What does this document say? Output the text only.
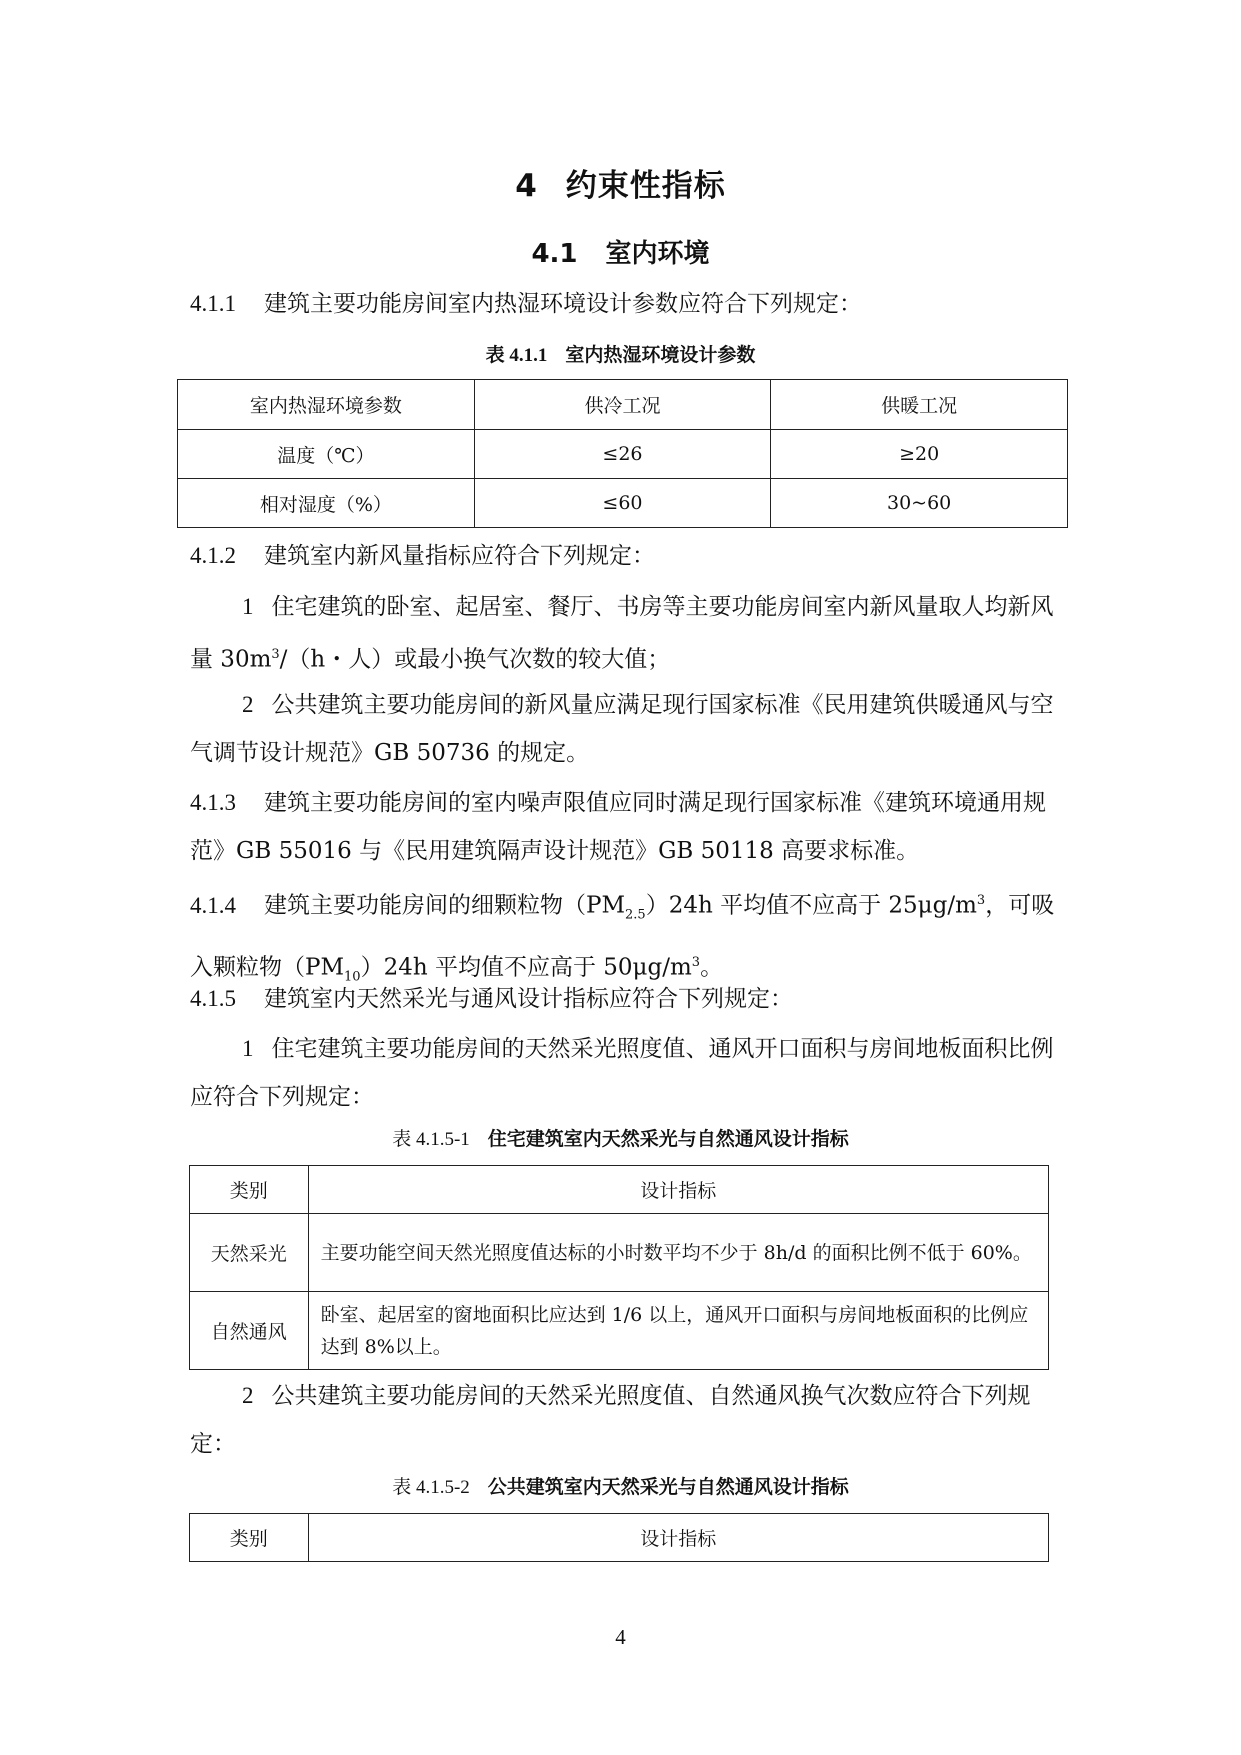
4 约束性指标
4.1 室内环境
4.1.1 建筑主要功能房间室内热湿环境设计参数应符合下列规定：
表 4.1.1 室内热湿环境设计参数
室内热湿环境参数	供冷工况	供暖工况
温度（℃）	≤26	≥20
相对湿度（%）	≤60	30~60
4.1.2 建筑室内新风量指标应符合下列规定：
1 住宅建筑的卧室、起居室、餐厅、书房等主要功能房间室内新风量取人均新风量 $30m^3/(h$・人）或最小换气次数的较大值；
2 公共建筑主要功能房间的新风量应满足现行国家标准《民用建筑供暖通风与空气调节设计规范》GB 50736 的规定。
4.1.3 建筑主要功能房间的室内噪声限值应同时满足现行国家标准《建筑环境通用规范》GB 55016 与《民用建筑隔声设计规范》GB 50118 高要求标准。
4.1.4 建筑主要功能房间的细颗粒物$(PM_{2.5})24h$ 平均值不应高于 $25\mu g/m^3$，可吸入颗粒物$(PM_{10})24h$ 平均值不应高于 $50\mu g/m^3$。
4.1.5 建筑室内天然采光与通风设计指标应符合下列规定：
1 住宅建筑主要功能房间的天然采光照度值、通风开口面积与房间地板面积比例应符合下列规定：
表 4.1.5-1 住宅建筑室内天然采光与自然通风设计指标
类别	设计指标
天然采光	主要功能空间天然光照度值达标的小时数平均不少于 8h/d 的面积比例不低于 60%。
自然通风	卧室、起居室的窗地面积比应达到 1/6 以上，通风开口面积与房间地板面积的比例应达到 8%以上。
2 公共建筑主要功能房间的天然采光照度值、自然通风换气次数应符合下列规定：
表 4.1.5-2 公共建筑室内天然采光与自然通风设计指标
类别	设计指标
4
